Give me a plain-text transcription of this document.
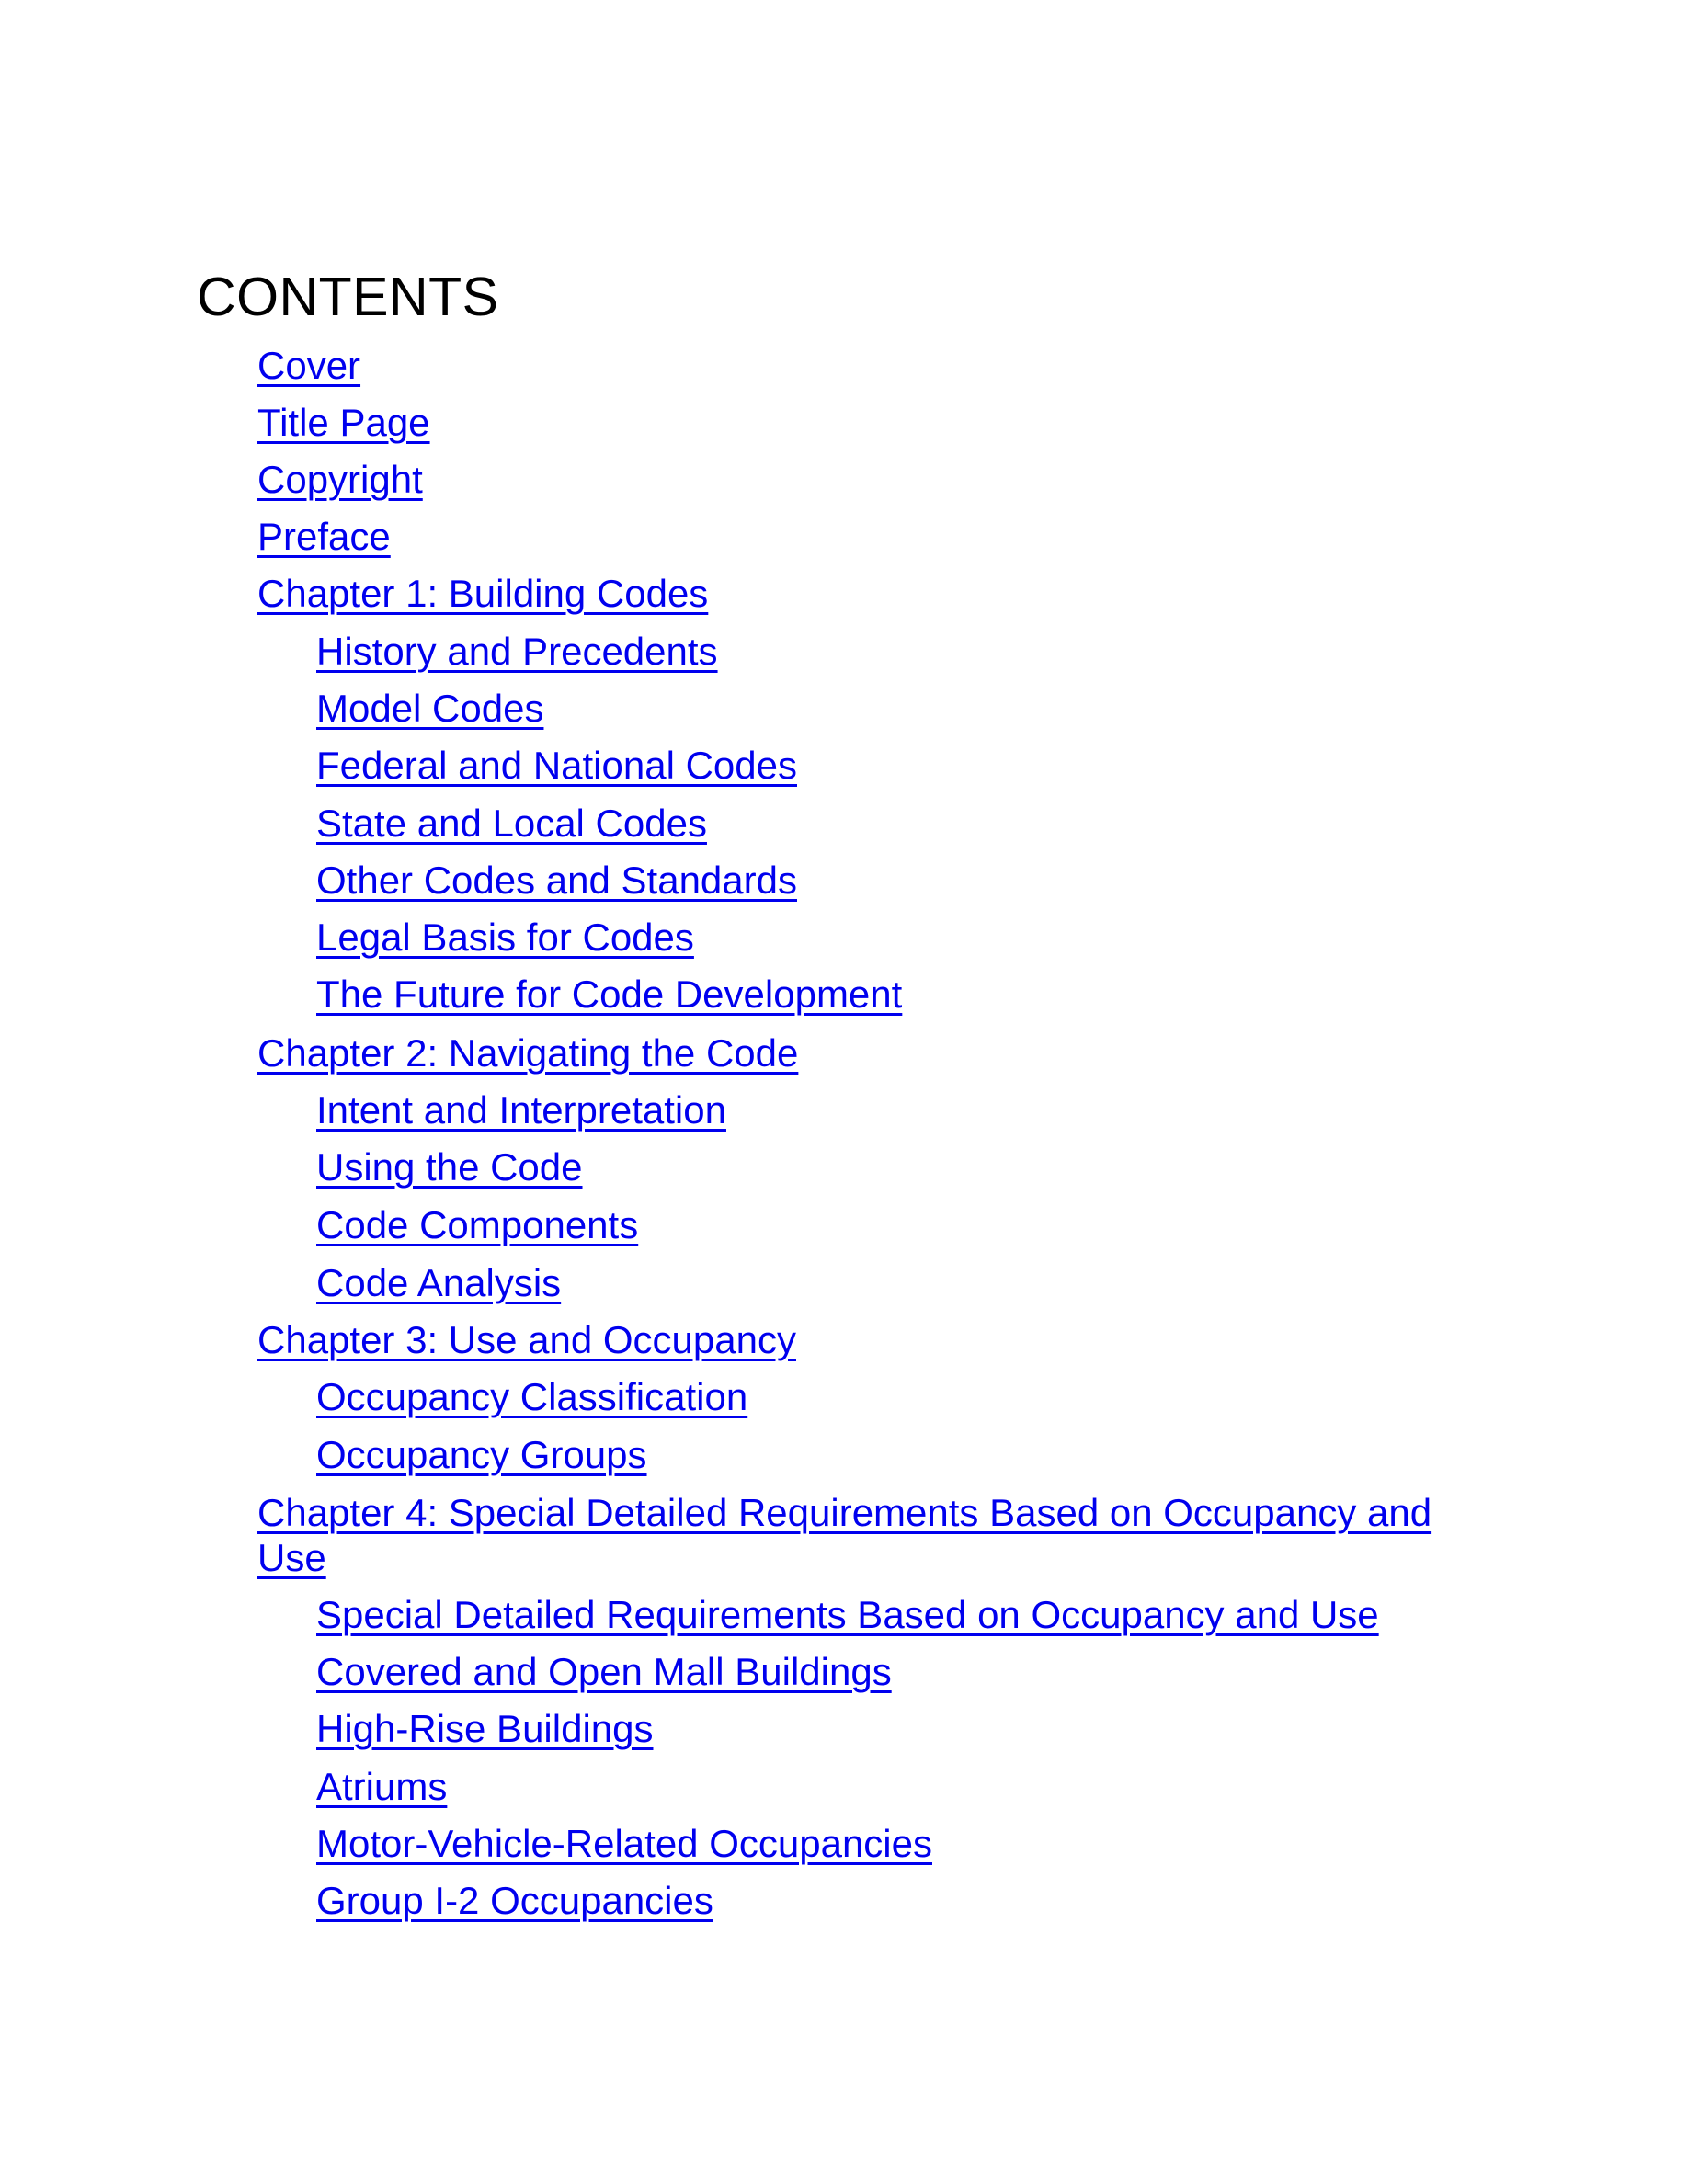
CONTENTS
Cover
Title Page
Copyright
Preface
Chapter 1: Building Codes
History and Precedents
Model Codes
Federal and National Codes
State and Local Codes
Other Codes and Standards
Legal Basis for Codes
The Future for Code Development
Chapter 2: Navigating the Code
Intent and Interpretation
Using the Code
Code Components
Code Analysis
Chapter 3: Use and Occupancy
Occupancy Classification
Occupancy Groups
Chapter 4: Special Detailed Requirements Based on Occupancy and Use
Special Detailed Requirements Based on Occupancy and Use
Covered and Open Mall Buildings
High-Rise Buildings
Atriums
Motor-Vehicle-Related Occupancies
Group I-2 Occupancies
